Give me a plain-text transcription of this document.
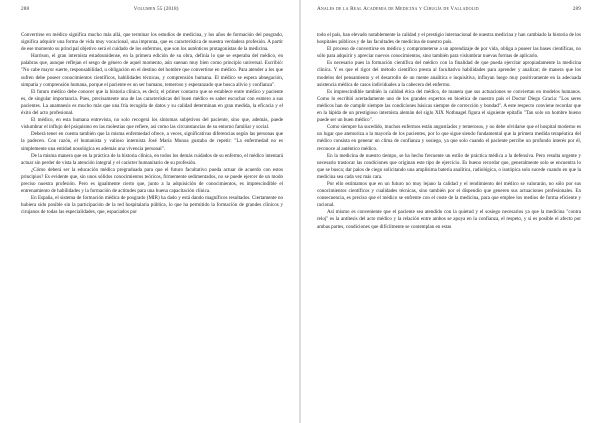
288	Volumen 55 (2018)

Convertirse en médico significa mucho más allá, que terminar los estudios de medicina, y los años de formación del posgrado, significa adquirir una forma de vida muy vocacional, una impronta, que es característica de nuestra verdadera profesión. A partir de ese momento su principal objetivo será el cuidado de los enfermos, que son los auténticos protagonistas de la medicina.

Harrison, el gran internista estadounidense, en la primera edición de su obra, definía lo que se esperaba del médico, en palabras que, aunque reflejan el sesgo de género de aquel momento, aún suenan muy bien como principio universal. Escribió: "No cabe mayor suerte, responsabilidad, u obligación en el destino del hombre que convertirse en médico. Para atender a los que sufren debe poseer conocimientos científicos, habilidades técnicas, y comprensión humana. El médico se espera abnegación, simpatía y comprensión humana, porque el paciente es un ser humano, temeroso y esperanzado que busca alivio y confianza".

El futuro médico debe conocer que la historia clínica, es decir, el primer contacto que se establece entre médico y paciente es, de singular importancia. Pues, precisamente una de las características del buen médico es saber escuchar con esmero a sus pacientes. La anamnesis es mucho más que una fría recogida de datos y su calidad determinan en gran medida, la eficacia y el éxito del acto profesional.

El médico, en esta humana entrevista, no solo recogerá los síntomas subjetivos del paciente, sino que, además, puede vislumbrar el influjo del psiquismo en las molestias que refiere, así como las circunstancias de su entorno familiar y social.

Deberá tener en cuenta también que la misma enfermedad ofrece, a veces, significativas diferencias según las personas que la padecen. Con razón, el humanista y valioso internista José María Munoa gustaba de repetir: "La enfermedad no es simplemente una entidad nosológica es además una vivencia personal".

De la misma manera que en la práctica de la historia clínica, en todos los demás cuidados de su enfermo, el médico intentará actuar sin perder de vista la atención integral y el carácter humanitario de su profesión.

¿Cómo deberá ser la educación médica pregraduada para que el futuro facultativo pueda actuar de acuerdo con estos principios? Es evidente que, sin unos sólidos conocimientos teóricos, firmemente sedimentados, no se puede ejercer de un modo preciso nuestra profesión. Pero es igualmente cierto que, junto a la adquisición de conocimientos, es imprescindible el entrenamiento de habilidades y la formación de actitudes para una buena capacitación clínica.

En España, el sistema de formación médica de posgrado (MIR) ha dado y está dando magníficos resultados. Ciertamente no hubiera sido posible sin la participación de la red hospitalaria pública, lo que ha permitido la formación de grandes clínicos y cirujanos de todas las especialidades, que, espaciados por

Anales de la Real Academia de Medicina y Cirugía de Valladolid	289

todo el país, han elevado notablemente la calidad y el prestigio internacional de nuestra medicina y han cambiado la historia de los hospitales públicos y de las facultades de medicina de nuestro país.

El proceso de convertirse en médico y comprometerse a un aprendizaje de por vida, obliga a poseer las bases científicas, no sólo para adquirir y apreciar nuevos conocimientos, sino también para vislumbrar nuevas formas de aplicarlo.

Es necesario pues la formación científica del médico con la finalidad de que pueda ejercitar apropiadamente la medicina clínica. Y es que el rigor del método científico presta al facultativo habilidades para aprender y analizar; de manera que los modelos del pensamiento y el desarrollo de un mente analítica e inquisitiva, influyan luego muy positivamente en la adecuada asistencia médica de casos individuales a la cabecera del enfermo.

Es imprescindible también la calidad ética del médico, de manera que sus actuaciones se conviertan en modelos humanos. Como lo escribió acertadamente uno de los grandes expertos en bioética de nuestro país el Doctor Diego Gracia: "Los seres médicos han de cumplir siempre las condiciones básicas siempre de corrección y bondad". A este respecto conviene recordar que en la lápida de un prestigioso internista alemán del siglo XIX Nothnagel figura el siguiente epitafio "Tan solo un hombre bueno puede ser un buen médico".

Como siempre ha sucedido, muchos enfermos están angustiados y temerosos, y no debe olvidarse que el hospital moderno es un lugar que atemoriza a la mayoría de los pacientes, por lo que sigue siendo fundamental que la primera medida terapéutica del médico consista en generar un clima de confianza y sosiego, ya que solo cuando el paciente percibe un profundo interés por él, reconoce al auténtico médico.

En la medicina de nuestro tiempo, se ha hecho frecuente un estilo de práctica médica a la defensiva. Pero resulta urgente y necesario trastocar las condiciones que originan este tipo de ejercicio. Es bueno recordar que, generalmente solo se encuentra lo que se busca; dar palos de ciego solicitando una amplísima batería analítica, radiológica, o isotópica solo sucede cuando en que la medicina sea cada vez más cara.

Por ello estimamos que en un futuro no muy lejano la calidad y el rendimiento del médico se valorarán, no sólo por sus conocimientos científicos y cualidades técnicas, sino también por el dispendio que generen sus actuaciones profesionales. En consecuencia, es preciso que el médico se enfrente con el coste de la medicina, para que emplee los medios de forma eficiente y racional.

Así mismo es conveniente que el paciente sea atendido con la quietud y el sosiego necesarios ya que la medicina "contra reloj" es la antítesis del acto médico y la relación entre ambos se apoya en la confianza, el respeto, y si es posible el afecto por ambas partes, condiciones que difícilmente se contemplan en estas
